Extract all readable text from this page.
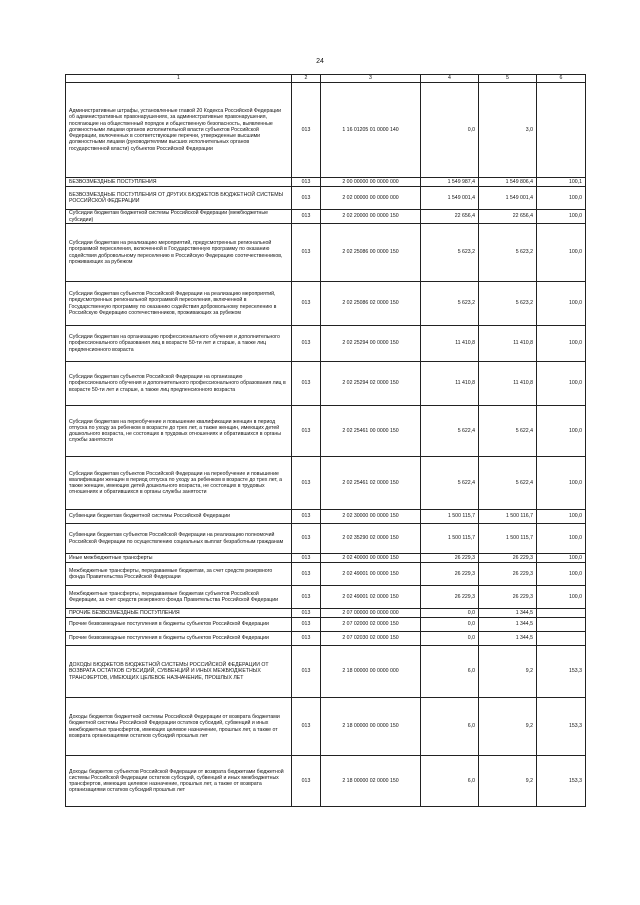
24
1	2	3	4	5	6
Административные штрафы, установленные главой 20 Кодекса Российской Федерации об административных правонарушениях, за административные правонарушения, посягающие на общественный порядок и общественную безопасность, выявленные должностными лицами органов исполнительной власти субъектов Российской Федерации, включенных в соответствующие перечни, утвержденные высшими должностными лицами (руководителями высших исполнительных органов государственной власти) субъектов Российской Федерации	013	1 16 01205 01 0000 140	0,0	3,0	
БЕЗВОЗМЕЗДНЫЕ ПОСТУПЛЕНИЯ	013	2 00 00000 00 0000 000	1 549 987,4	1 549 806,4	100,1
БЕЗВОЗМЕЗДНЫЕ ПОСТУПЛЕНИЯ ОТ ДРУГИХ БЮДЖЕТОВ БЮДЖЕТНОЙ СИСТЕМЫ РОССИЙСКОЙ ФЕДЕРАЦИИ	013	2 02 00000 00 0000 000	1 549 001,4	1 549 001,4	100,0
Субсидии бюджетам бюджетной системы Российской Федерации (межбюджетные субсидии)	013	2 02 20000 00 0000 150	22 656,4	22 656,4	100,0
Субсидии бюджетам на реализацию мероприятий, предусмотренных региональной программой переселения, включенной в Государственную программу по оказанию содействия добровольному переселению в Российскую Федерацию соотечественников, проживающих за рубежом	013	2 02 25086 00 0000 150	5 623,2	5 623,2	100,0
Субсидии бюджетам субъектов Российской Федерации на реализацию мероприятий, предусмотренных региональной программой переселения, включенной в Государственную программу по оказанию содействия добровольному переселению в Российскую Федерацию соотечественников, проживающих за рубежом	013	2 02 25086 02 0000 150	5 623,2	5 623,2	100,0
Субсидии бюджетам на организацию профессионального обучения и дополнительного профессионального образования лиц в возрасте 50-ти лет и старше, а также лиц предпенсионного возраста	013	2 02 25294 00 0000 150	11 410,8	11 410,8	100,0
Субсидии бюджетам субъектов Российской Федерации на организацию профессионального обучения и дополнительного профессионального образования лиц в возрасте 50-ти лет и старше, а также лиц предпенсионного возраста	013	2 02 25294 02 0000 150	11 410,8	11 410,8	100,0
Субсидии бюджетам на переобучение и повышение квалификации женщин в период отпуска по уходу за ребенком в возрасте до трех лет, а также женщин, имеющих детей дошкольного возраста, не состоящих в трудовых отношениях и обратившихся в органы службы занятости	013	2 02 25461 00 0000 150	5 622,4	5 622,4	100,0
Субсидии бюджетам субъектов Российской Федерации на переобучение и повышение квалификации женщин в период отпуска по уходу за ребенком в возрасте до трех лет, а также женщин, имеющих детей дошкольного возраста, не состоящих в трудовых отношениях и обратившихся в органы службы занятости	013	2 02 25461 02 0000 150	5 622,4	5 622,4	100,0
Субвенции бюджетам бюджетной системы Российской Федерации	013	2 02 30000 00 0000 150	1 500 115,7	1 500 116,7	100,0
Субвенции бюджетам субъектов Российской Федерации на реализацию полномочий Российской Федерации по осуществлению социальных выплат безработным гражданам	013	2 02 35290 02 0000 150	1 500 115,7	1 500 115,7	100,0
Иные межбюджетные трансферты	013	2 02 40000 00 0000 150	26 229,3	26 229,3	100,0
Межбюджетные трансферты, передаваемые бюджетам, за счет средств резервного фонда Правительства Российской Федерации	013	2 02 49001 00 0000 150	26 229,3	26 229,3	100,0
Межбюджетные трансферты, передаваемые бюджетам субъектов Российской Федерации, за счет средств резервного фонда Правительства Российской Федерации	013	2 02 49001 02 0000 150	26 229,3	26 229,3	100,0
ПРОЧИЕ БЕЗВОЗМЕЗДНЫЕ ПОСТУПЛЕНИЯ	013	2 07 00000 00 0000 000	0,0	1 344,5	
Прочие безвозмездные поступления в бюджеты субъектов Российской Федерации	013	2 07 02000 02 0000 150	0,0	1 344,5	
Прочие безвозмездные поступления в бюджеты субъектов Российской Федерации	013	2 07 02030 02 0000 150	0,0	1 344,5	
ДОХОДЫ БЮДЖЕТОВ БЮДЖЕТНОЙ СИСТЕМЫ РОССИЙСКОЙ ФЕДЕРАЦИИ ОТ ВОЗВРАТА ОСТАТКОВ СУБСИДИЙ, СУБВЕНЦИЙ И ИНЫХ МЕЖБЮДЖЕТНЫХ ТРАНСФЕРТОВ, ИМЕЮЩИХ ЦЕЛЕВОЕ НАЗНАЧЕНИЕ, ПРОШЛЫХ ЛЕТ	013	2 18 00000 00 0000 000	6,0	9,2	153,3
Доходы бюджетов бюджетной системы Российской Федерации от возврата бюджетами бюджетной системы Российской Федерации остатков субсидий, субвенций и иных межбюджетных трансфертов, имеющих целевое назначение, прошлых лет, а также от возврата организациями остатков субсидий прошлых лет	013	2 18 00000 00 0000 150	6,0	9,2	153,3
Доходы бюджетов субъектов Российской Федерации от возврата бюджетами бюджетной системы Российской Федерации остатков субсидий, субвенций и иных межбюджетных трансфертов, имеющих целевое назначение, прошлых лет, а также от возврата организациями остатков субсидий прошлых лет	013	2 18 00000 02 0000 150	6,0	9,2	153,3
